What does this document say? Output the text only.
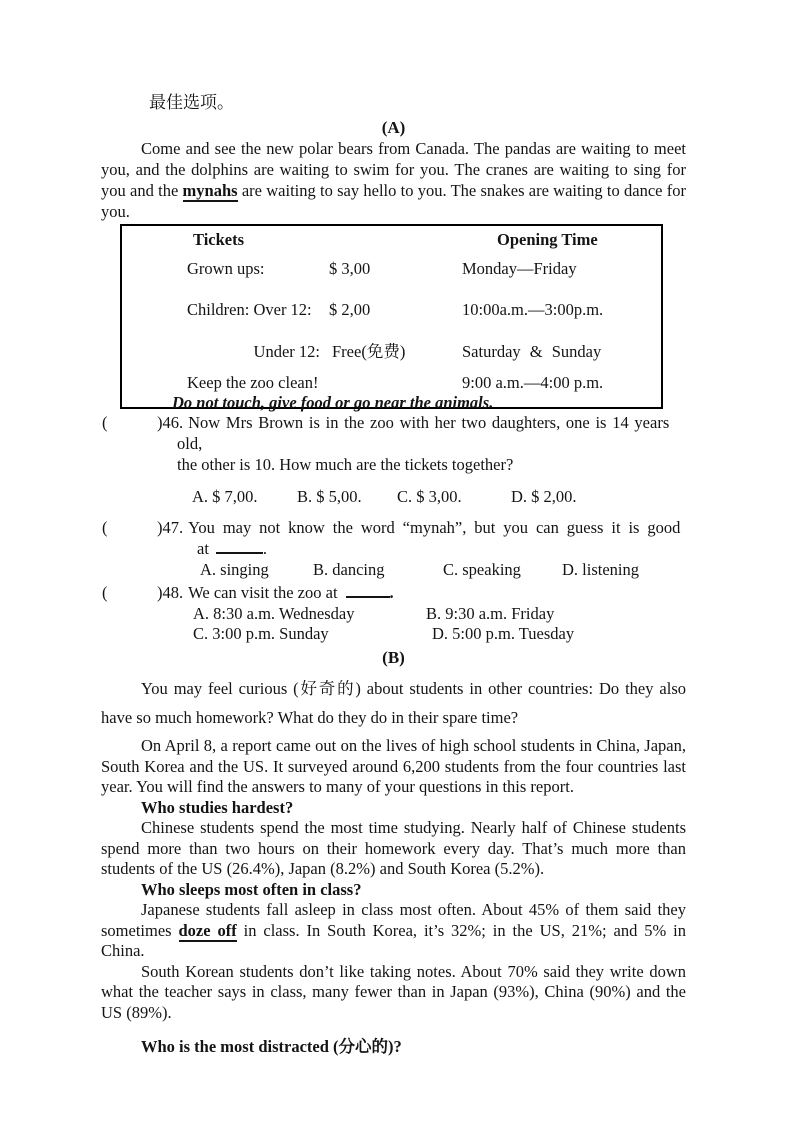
最佳选项。
(A)

Come and see the new polar bears from Canada. The pandas are waiting to meet you, and the dolphins are waiting to swim for you. The cranes are waiting to sing for you and the mynahs are waiting to say hello to you. The snakes are waiting to dance for you.

Tickets	Opening Time
Grown ups:	$ 3,00	Monday—Friday
Children: Over 12: $ 2,00	10:00a.m.—3:00p.m.
Under 12: Free(免费)	Saturday & Sunday
Keep the zoo clean!	9:00 a.m.—4:00 p.m.
Do not touch, give food or go near the animals.
(	)46. Now Mrs Brown is in the zoo with her two daughters, one is 14 years old,
the other is 10. How much are the tickets together?
A. $ 7,00. B. $ 5,00. C. $ 3,00.	D. $ 2,00.
(	)47. You may not know the word “mynah”, but you can guess it is good
at	.
A. singing	B. dancing	C. speaking D. listening
(	)48. We can visit the zoo at	.
A. 8:30 a.m. Wednesday	B. 9:30 a.m. Friday
C. 3:00 p.m. Sunday	D. 5:00 p.m. Tuesday
(B)

You may feel curious (好奇的) about students in other countries: Do they also have so much homework? What do they do in their spare time?

On April 8, a report came out on the lives of high school students in China, Japan, South Korea and the US. It surveyed around 6,200 students from the four countries last year. You will find the answers to many of your questions in this report.

Who studies hardest?

Chinese students spend the most time studying. Nearly half of Chinese students spend more than two hours on their homework every day. That’s much more than students of the US (26.4%), Japan (8.2%) and South Korea (5.2%).

Who sleeps most often in class?

Japanese students fall asleep in class most often. About 45% of them said they sometimes doze off in class. In South Korea, it’s 32%; in the US, 21%; and 5% in China.

South Korean students don’t like taking notes. About 70% said they write down what the teacher says in class, many fewer than in Japan (93%), China (90%) and the US (89%).

Who is the most distracted (分心的)?
